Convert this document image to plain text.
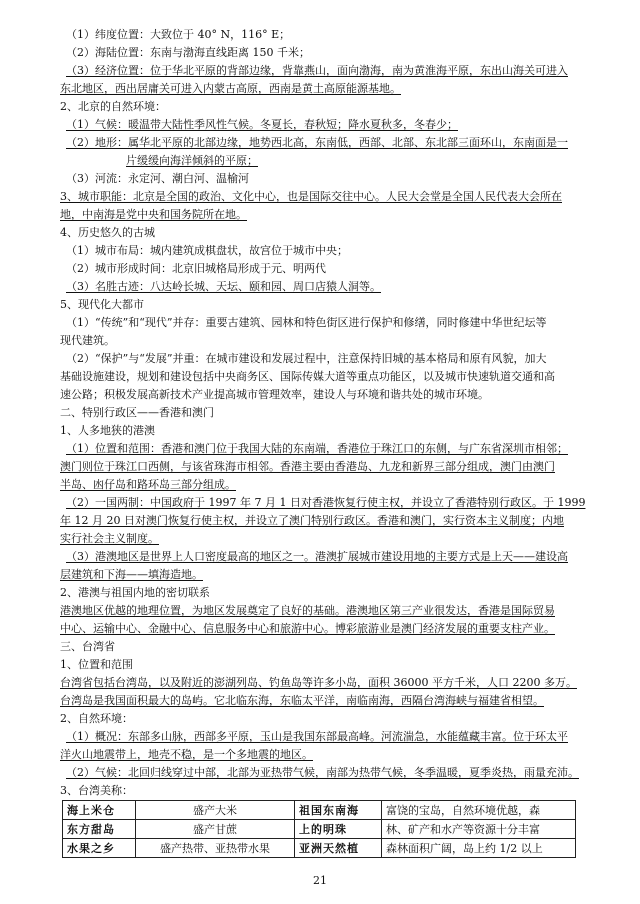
（1）纬度位置：大致位于 40° N，116° E；
（2）海陆位置：东南与渤海直线距离 150 千米；
（3）经济位置：位于华北平原的背部边缘，背靠燕山，面向渤海，南为黄淮海平原，东出山海关可进入
东北地区，西出居庸关可进入内蒙古高原，西南是黄土高原能源基地。
2、北京的自然环境：
（1）气候：暖温带大陆性季风性气候。冬夏长，春秋短；降水夏秋多，冬春少；
（2）地形：属华北平原的北部边缘，地势西北高，东南低，西部、北部、东北部三面环山，东南面是一
片缓缓向海洋倾斜的平原；
（3）河流：永定河、潮白河、温榆河
3、城市职能：北京是全国的政治、文化中心，也是国际交往中心。人民大会堂是全国人民代表大会所在
地，中南海是党中央和国务院所在地。
4、历史悠久的古城
（1）城市布局：城内建筑成棋盘状，故宫位于城市中央；
（2）城市形成时间：北京旧城格局形成于元、明两代
（3）名胜古迹：八达岭长城、天坛、颐和园、周口店猿人洞等。
5、现代化大都市
（1）“传统”和“现代”并存：重要古建筑、园林和特色街区进行保护和修缮，同时修建中华世纪坛等
现代建筑。
（2）“保护”与“发展”并重：在城市建设和发展过程中，注意保持旧城的基本格局和原有风貌，加大
基础设施建设，规划和建设包括中央商务区、国际传媒大道等重点功能区，以及城市快速轨道交通和高
速公路；积极发展高新技术产业提高城市管理效率，建设人与环境和谐共处的城市环境。
二、特别行政区——香港和澳门
1、人多地狭的港澳
（1）位置和范围：香港和澳门位于我国大陆的东南端，香港位于珠江口的东侧，与广东省深圳市相邻；
澳门则位于珠江口西侧，与该省珠海市相邻。香港主要由香港岛、九龙和新界三部分组成，澳门由澳门
半岛、凼仔岛和路环岛三部分组成。
（2）一国两制：中国政府于 1997 年 7 月 1 日对香港恢复行使主权，并设立了香港特别行政区。于 1999
年 12 月 20 日对澳门恢复行使主权，并设立了澳门特别行政区。香港和澳门，实行资本主义制度；内地
实行社会主义制度。
（3）港澳地区是世界上人口密度最高的地区之一。港澳扩展城市建设用地的主要方式是上天——建设高
层建筑和下海——填海造地。
2、港澳与祖国内地的密切联系
港澳地区优越的地理位置，为地区发展奠定了良好的基础。港澳地区第三产业很发达，香港是国际贸易
中心、运输中心、金融中心、信息服务中心和旅游中心。博彩旅游业是澳门经济发展的重要支柱产业。
三、台湾省
1、位置和范围
台湾省包括台湾岛，以及附近的澎湖列岛、钓鱼岛等许多小岛，面积 36000 平方千米，人口 2200 多万。
台湾岛是我国面积最大的岛屿。它北临东海，东临太平洋，南临南海，西隔台湾海峡与福建省相望。
2、自然环境：
（1）概况：东部多山脉，西部多平原，玉山是我国东部最高峰。河流湍急，水能蕴藏丰富。位于环太平
洋火山地震带上，地壳不稳，是一个多地震的地区。
（2）气候：北回归线穿过中部，北部为亚热带气候，南部为热带气候，冬季温暖，夏季炎热，雨量充沛。
3、台湾美称：
海上米仓	盛产大米	祖国东南海	富饶的宝岛，自然环境优越，森
东方甜岛	盛产甘蔗	上的明珠	林、矿产和水产等资源十分丰富
水果之乡	盛产热带、亚热带水果	亚洲天然植	森林面积广阔，岛上约 1/2 以上
21
